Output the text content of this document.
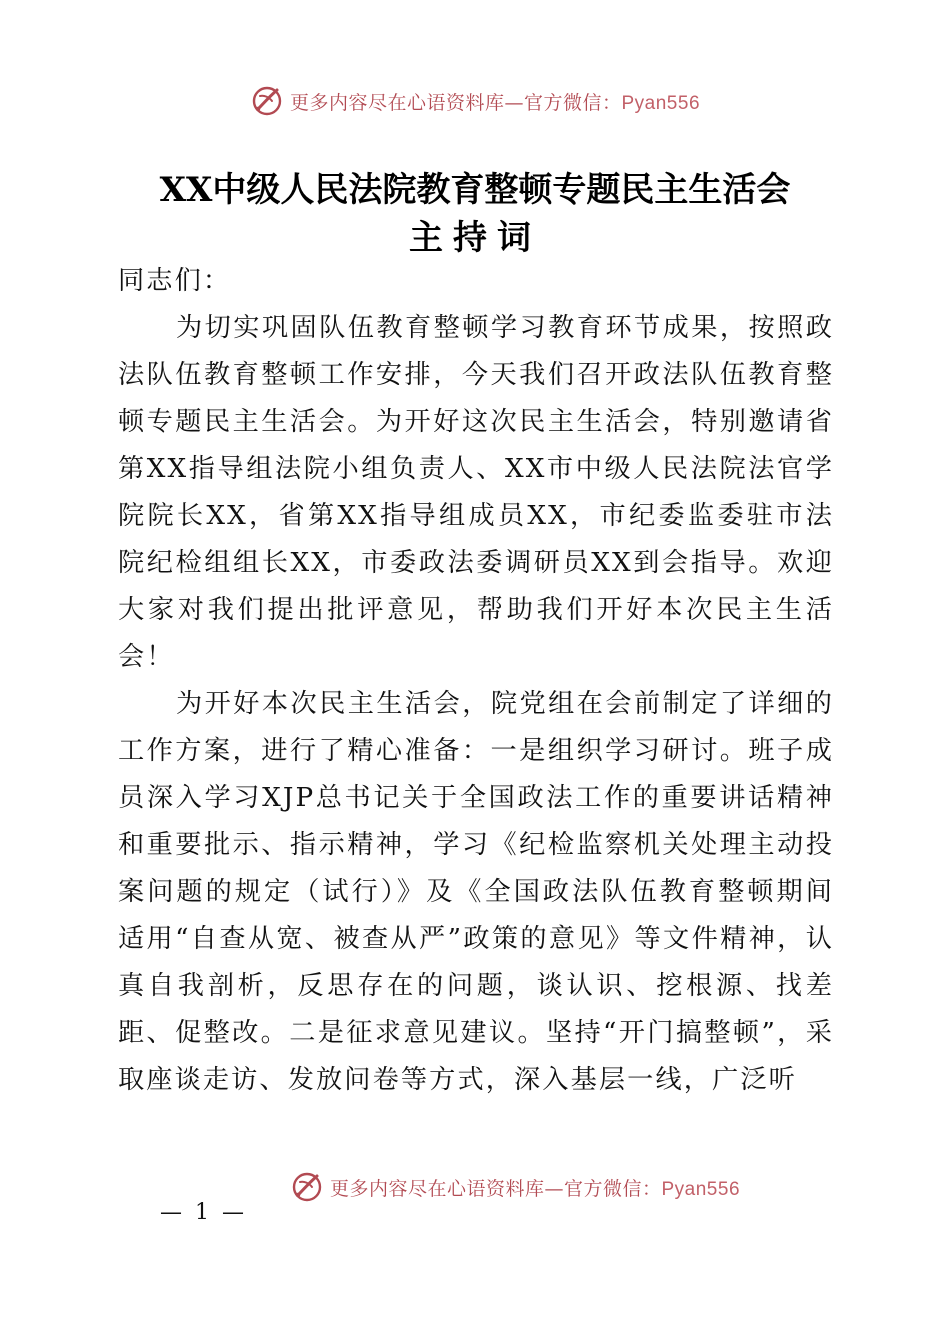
更多内容尽在心语资料库—官方微信：Pyan556
XX中级人民法院教育整顿专题民主生活会
主持词

同志们：

为切实巩固队伍教育整顿学习教育环节成果，按照政法队伍教育整顿工作安排，今天我们召开政法队伍教育整顿专题民主生活会。为开好这次民主生活会，特别邀请省第XX指导组法院小组负责人、XX市中级人民法院法官学院院长XX，省第XX指导组成员XX，市纪委监委驻市法院纪检组组长XX，市委政法委调研员XX到会指导。欢迎大家对我们提出批评意见，帮助我们开好本次民主生活会！

为开好本次民主生活会，院党组在会前制定了详细的工作方案，进行了精心准备：一是组织学习研讨。班子成员深入学习XJP总书记关于全国政法工作的重要讲话精神和重要批示、指示精神，学习《纪检监察机关处理主动投案问题的规定（试行）》及《全国政法队伍教育整顿期间适用“自查从宽、被查从严”政策的意见》等文件精神，认真自我剖析，反思存在的问题，谈认识、挖根源、找差距、促整改。二是征求意见建议。坚持“开门搞整顿”，采取座谈走访、发放问卷等方式，深入基层一线，广泛听

更多内容尽在心语资料库—官方微信：Pyan556
— 1 —
